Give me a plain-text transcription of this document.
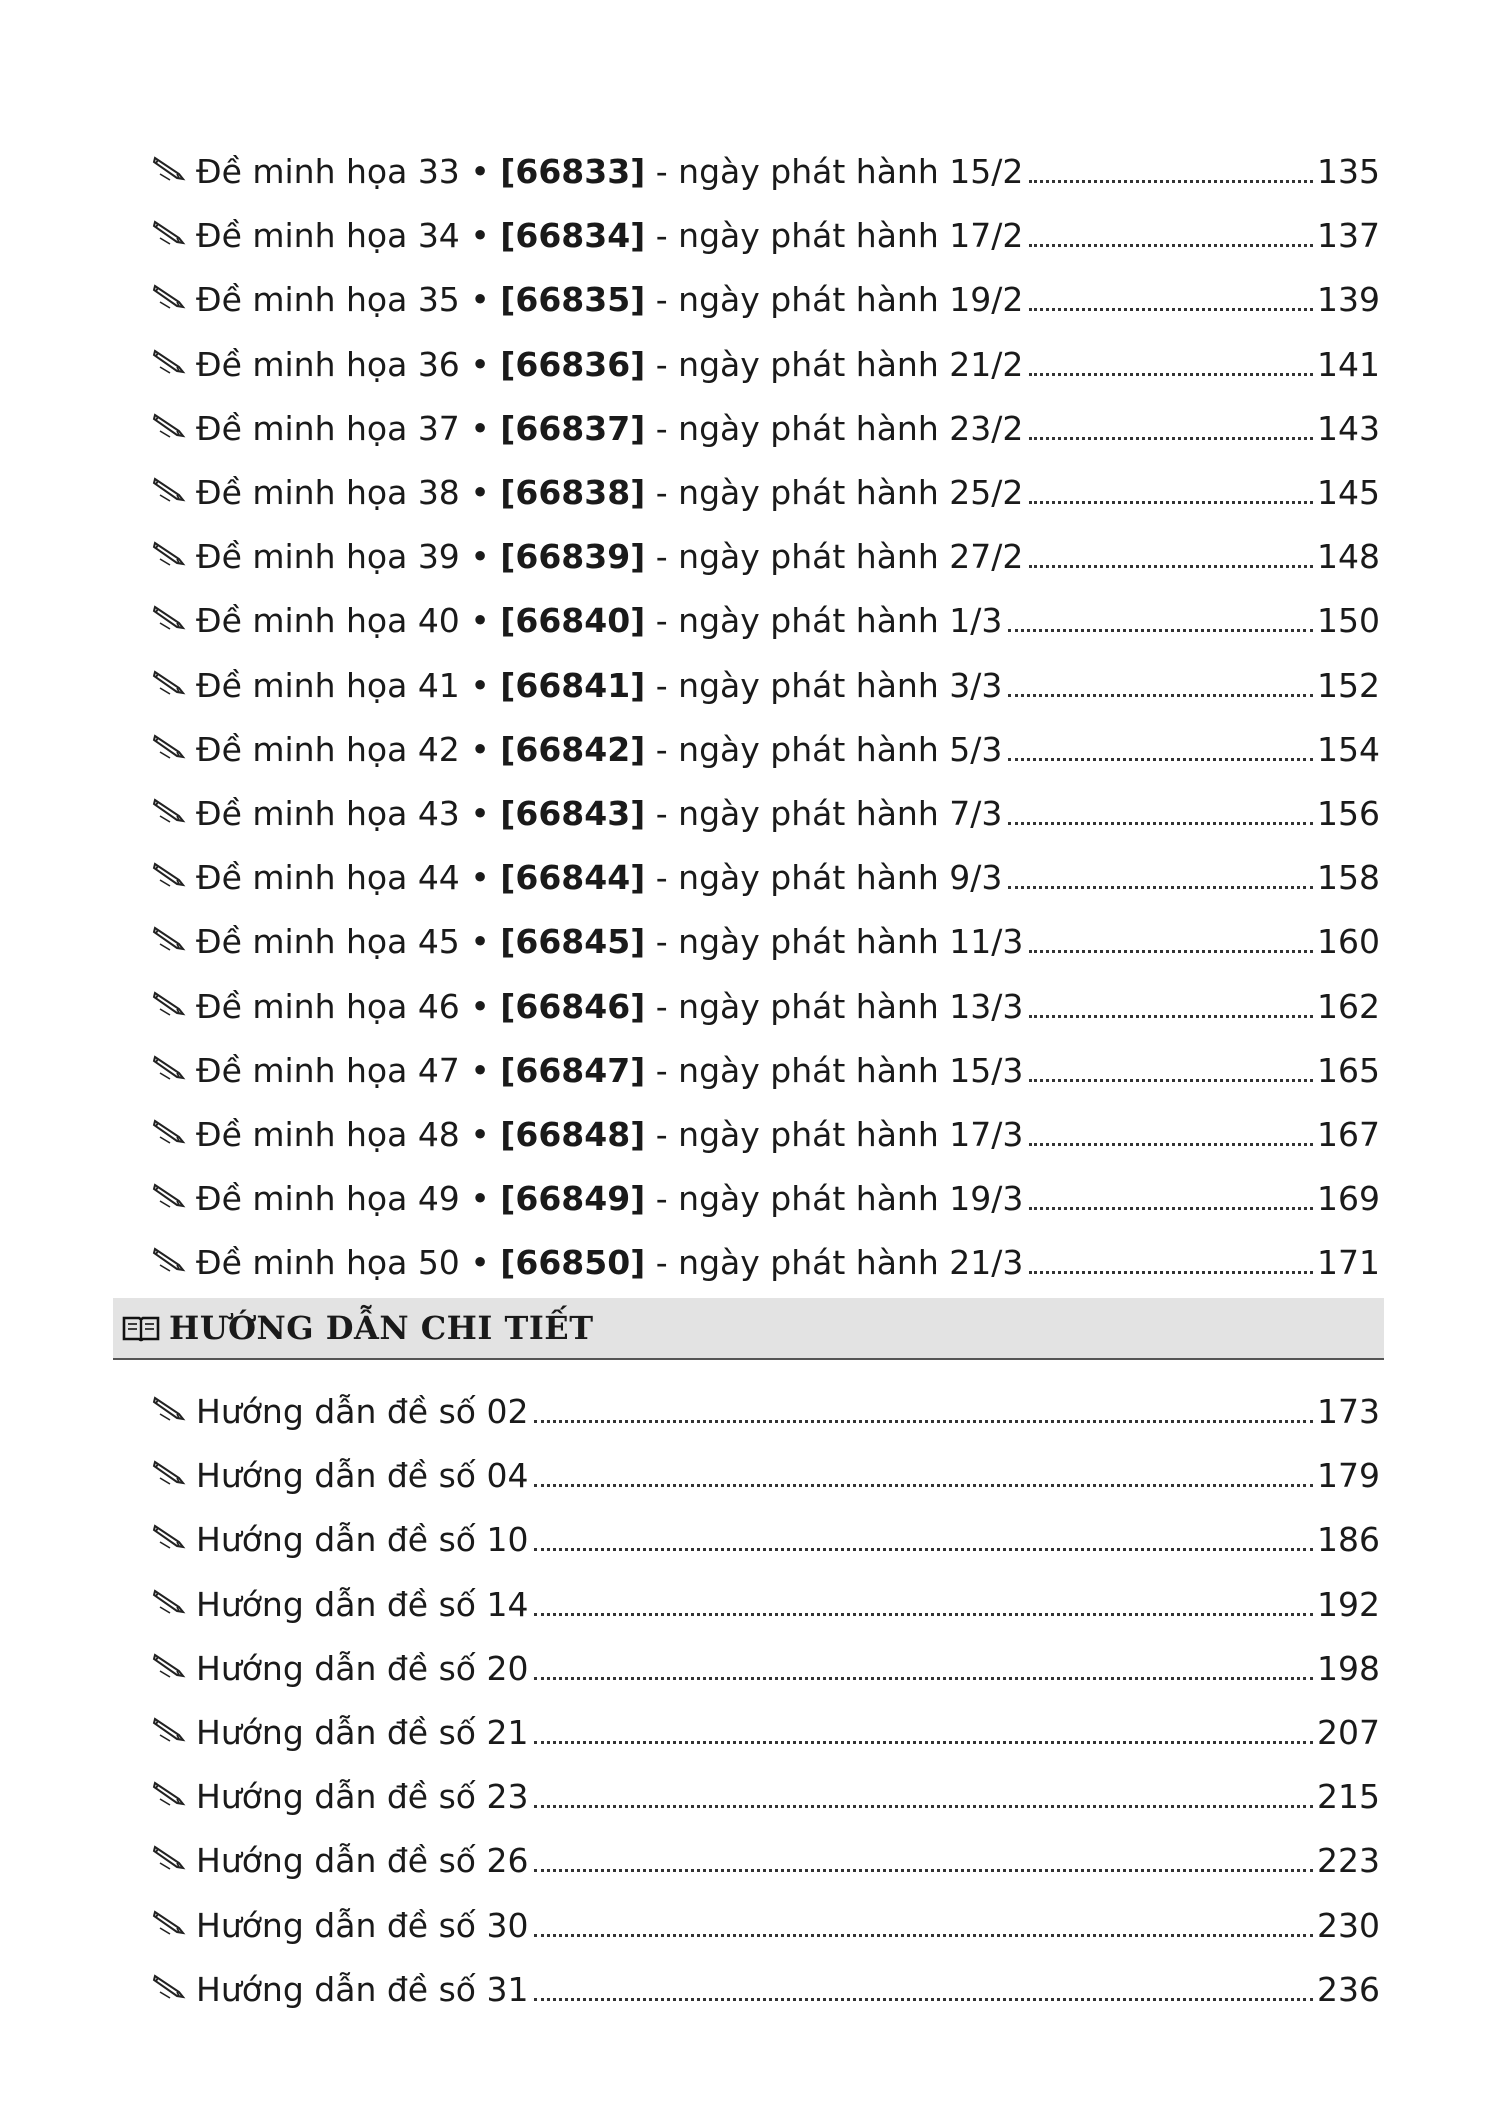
Đề minh họa 33 • [66833] - ngày phát hành 15/2	135
Đề minh họa 34 • [66834] - ngày phát hành 17/2	137
Đề minh họa 35 • [66835] - ngày phát hành 19/2	139
Đề minh họa 36 • [66836] - ngày phát hành 21/2	141
Đề minh họa 37 • [66837] - ngày phát hành 23/2	143
Đề minh họa 38 • [66838] - ngày phát hành 25/2	145
Đề minh họa 39 • [66839] - ngày phát hành 27/2	148
Đề minh họa 40 • [66840] - ngày phát hành 1/3	150
Đề minh họa 41 • [66841] - ngày phát hành 3/3	152
Đề minh họa 42 • [66842] - ngày phát hành 5/3	154
Đề minh họa 43 • [66843] - ngày phát hành 7/3	156
Đề minh họa 44 • [66844] - ngày phát hành 9/3	158
Đề minh họa 45 • [66845] - ngày phát hành 11/3	160
Đề minh họa 46 • [66846] - ngày phát hành 13/3	162
Đề minh họa 47 • [66847] - ngày phát hành 15/3	165
Đề minh họa 48 • [66848] - ngày phát hành 17/3	167
Đề minh họa 49 • [66849] - ngày phát hành 19/3	169
Đề minh họa 50 • [66850] - ngày phát hành 21/3	171
HƯỚNG DẪN CHI TIẾT
Hướng dẫn đề số 02	173
Hướng dẫn đề số 04	179
Hướng dẫn đề số 10	186
Hướng dẫn đề số 14	192
Hướng dẫn đề số 20	198
Hướng dẫn đề số 21	207
Hướng dẫn đề số 23	215
Hướng dẫn đề số 26	223
Hướng dẫn đề số 30	230
Hướng dẫn đề số 31	236
